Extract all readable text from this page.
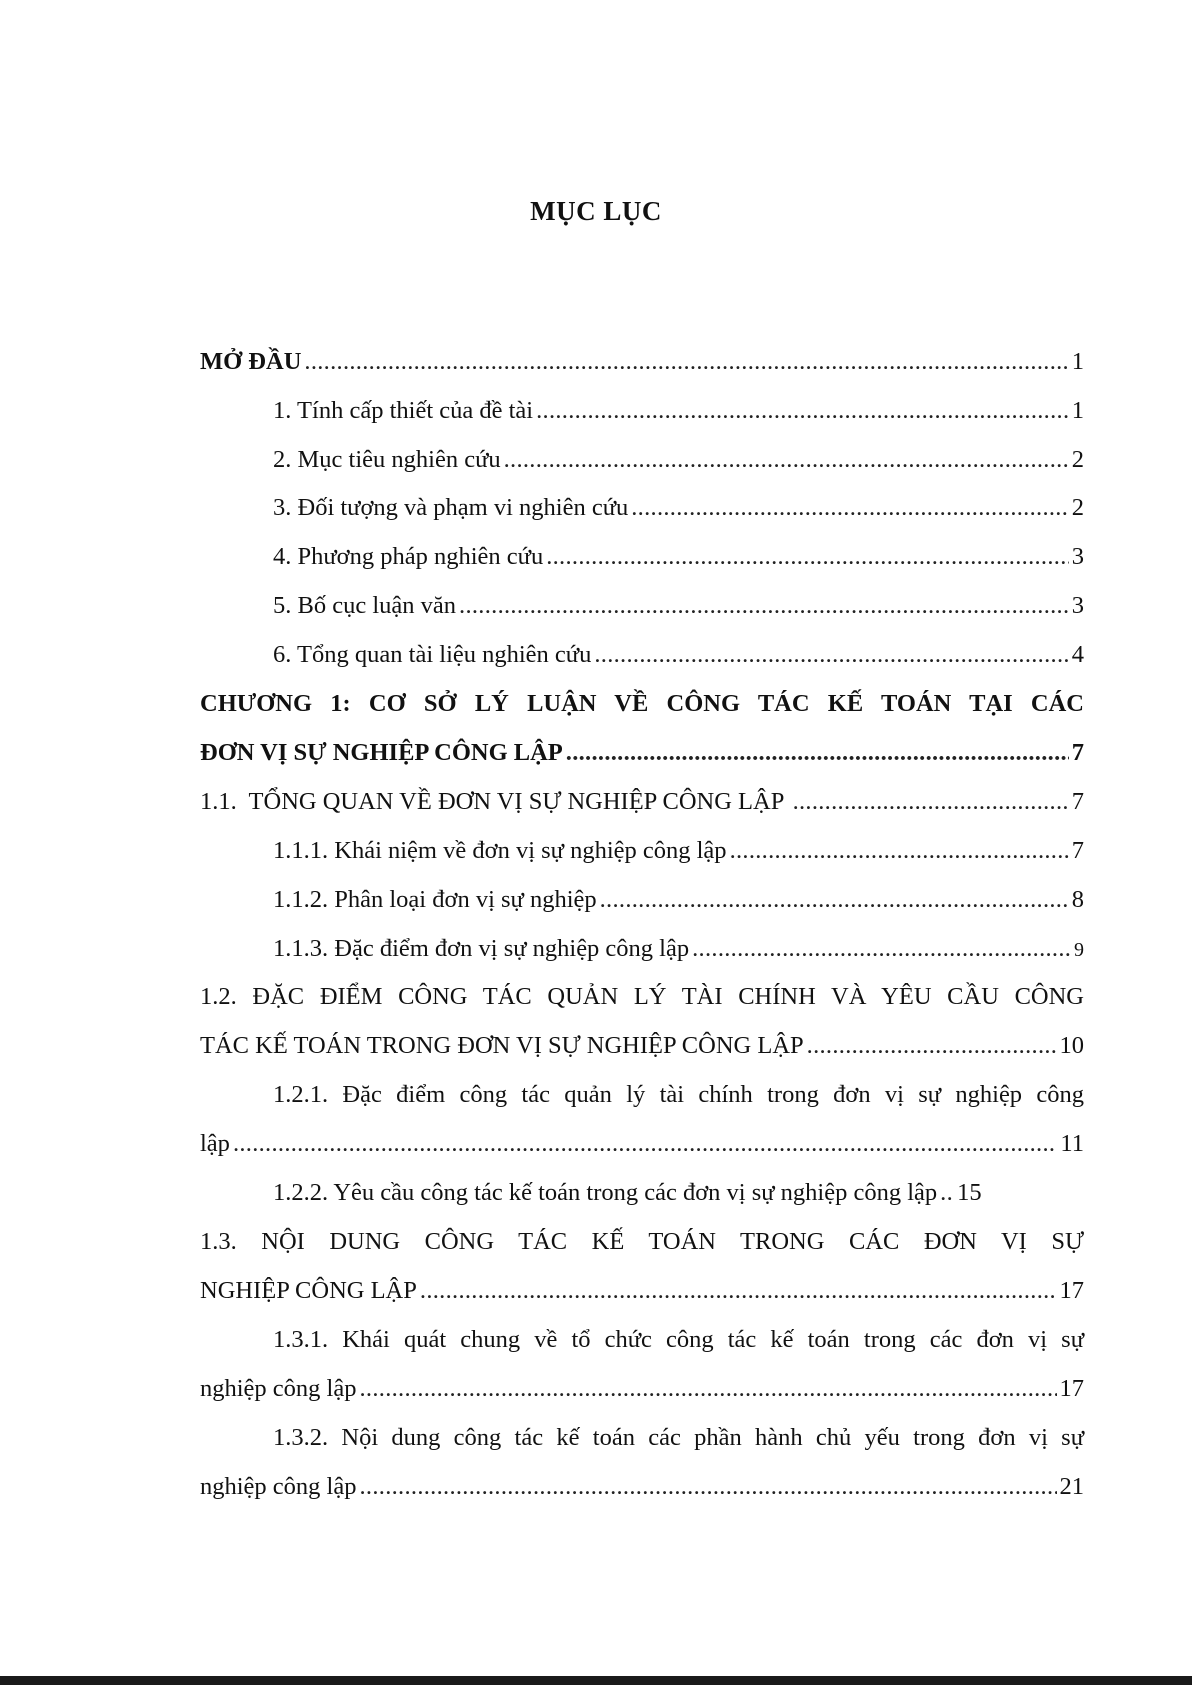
MỤC LỤC
MỞ ĐẦU .....	1
1. Tính cấp thiết của đề tài .....	1
2. Mục tiêu nghiên cứu .....	2
3. Đối tượng và phạm vi nghiên cứu .....	2
4. Phương pháp nghiên cứu .....	3
5. Bố cục luận văn .....	3
6. Tổng quan tài liệu nghiên cứu .....	4
CHƯƠNG 1: CƠ SỞ LÝ LUẬN VỀ CÔNG TÁC KẾ TOÁN TẠI CÁC
ĐƠN VỊ SỰ NGHIỆP CÔNG LẬP .....	7
1.1.  TỔNG QUAN VỀ ĐƠN VỊ SỰ NGHIỆP CÔNG LẬP .....	7
1.1.1. Khái niệm về đơn vị sự nghiệp công lập .....	7
1.1.2. Phân loại đơn vị sự nghiệp .....	8
1.1.3. Đặc điểm đơn vị sự nghiệp công lập .....	9
1.2. ĐẶC ĐIỂM CÔNG TÁC QUẢN LÝ TÀI CHÍNH VÀ YÊU CẦU CÔNG
TÁC KẾ TOÁN TRONG ĐƠN VỊ SỰ NGHIỆP CÔNG LẬP .....	10
1.2.1. Đặc điểm công tác quản lý tài chính trong đơn vị sự nghiệp công
lập .....	11
1.2.2. Yêu cầu công tác kế toán trong các đơn vị sự nghiệp công lập ..... 15
1.3. NỘI DUNG CÔNG TÁC KẾ TOÁN TRONG CÁC ĐƠN VỊ SỰ
NGHIỆP CÔNG LẬP .....	17
1.3.1. Khái quát chung về tổ chức công tác kế toán trong các đơn vị sự
nghiệp công lập .....	17
1.3.2. Nội dung công tác kế toán các phần hành chủ yếu trong đơn vị sự
nghiệp công lập .....	21
